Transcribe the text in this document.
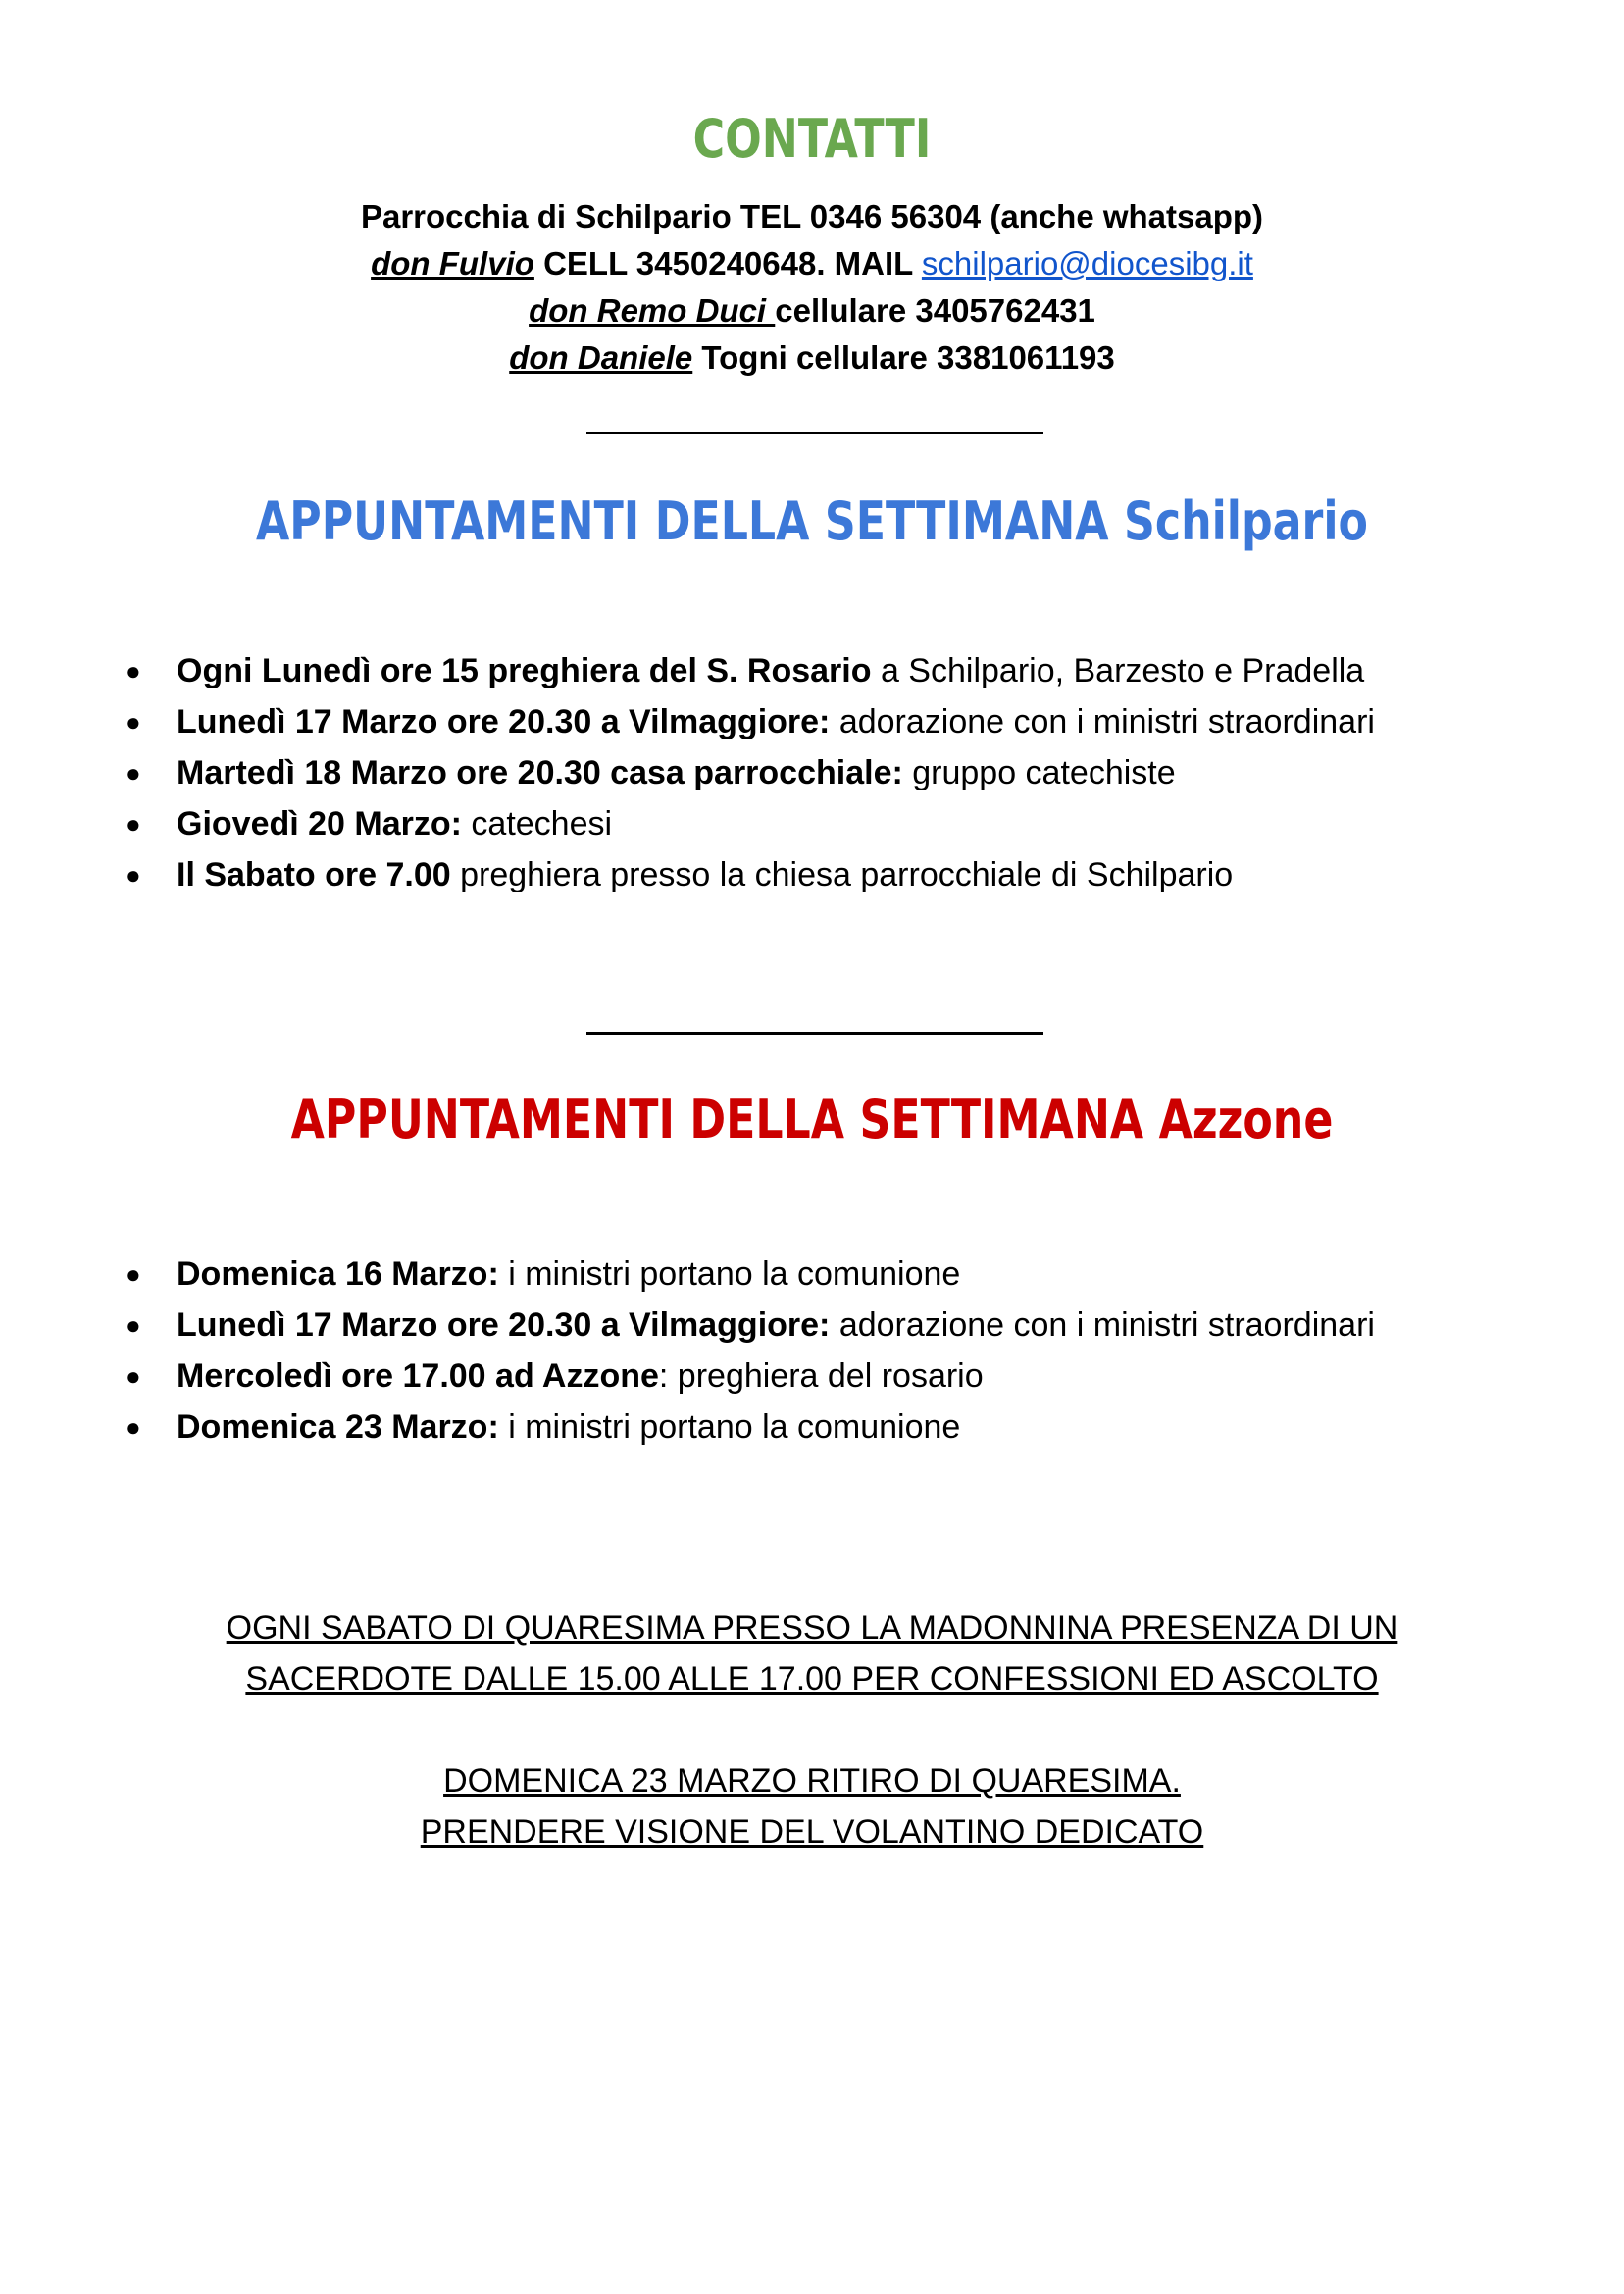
CONTATTI
Parrocchia di Schilpario TEL 0346 56304 (anche whatsapp)
don Fulvio CELL 3450240648. MAIL schilpario@diocesibg.it
don Remo Duci cellulare 3405762431
don Daniele Togni cellulare 3381061193
APPUNTAMENTI DELLA SETTIMANA Schilpario
●	Ogni Lunedì ore 15 preghiera del S. Rosario a Schilpario, Barzesto e Pradella
●	Lunedì 17 Marzo ore 20.30 a Vilmaggiore: adorazione con i ministri straordinari
●	Martedì 18 Marzo ore 20.30 casa parrocchiale: gruppo catechiste
●	Giovedì 20 Marzo: catechesi
●	Il Sabato ore 7.00 preghiera presso la chiesa parrocchiale di Schilpario
APPUNTAMENTI DELLA SETTIMANA Azzone
●	Domenica 16 Marzo: i ministri portano la comunione
●	Lunedì 17 Marzo ore 20.30 a Vilmaggiore: adorazione con i ministri straordinari
●	Mercoledì ore 17.00 ad Azzone: preghiera del rosario
●	Domenica 23 Marzo: i ministri portano la comunione
OGNI SABATO DI QUARESIMA PRESSO LA MADONNINA PRESENZA DI UN
SACERDOTE DALLE 15.00 ALLE 17.00 PER CONFESSIONI ED ASCOLTO
DOMENICA 23 MARZO RITIRO DI QUARESIMA.
PRENDERE VISIONE DEL VOLANTINO DEDICATO
